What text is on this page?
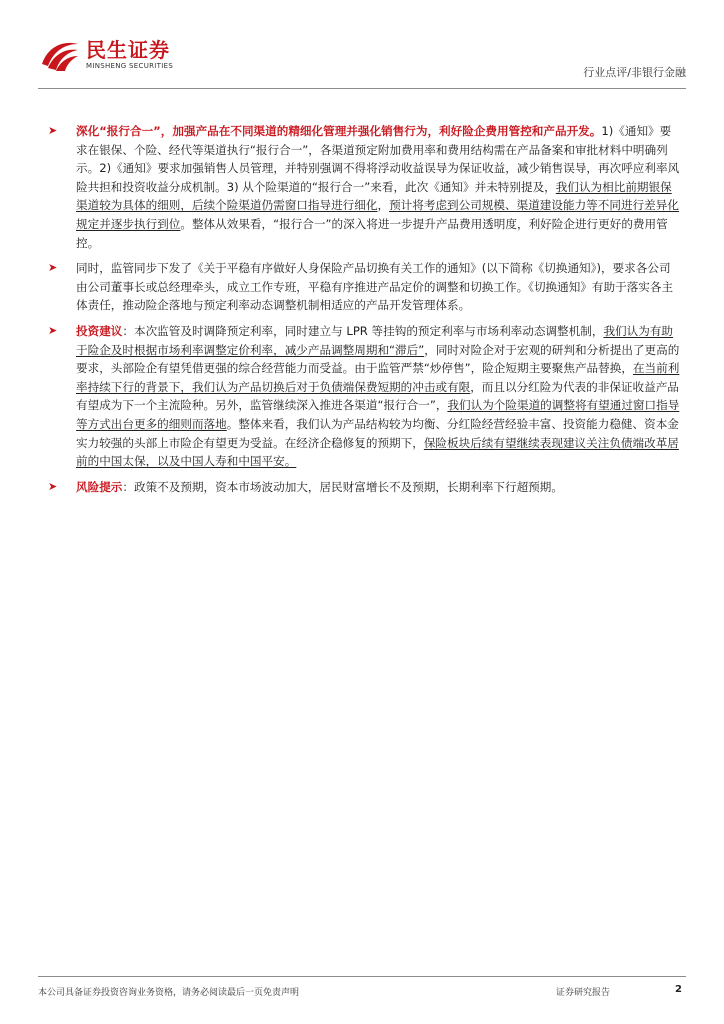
民生证券
MINSHENG SECURITIES	行业点评/非银行金融
➤ 深化“报行合一”，加强产品在不同渠道的精细化管理并强化销售行为，利好险企费用管控和产品开发。1)《通知》要求在银保、个险、经代等渠道执行“报行合一”，各渠道预定附加费用率和费用结构需在产品备案和审批材料中明确列示。2)《通知》要求加强销售人员管理，并特别强调不得将浮动收益误导为保证收益，减少销售误导，再次呼应利率风险共担和投资收益分成机制。3) 从个险渠道的“报行合一”来看，此次《通知》并未特别提及，我们认为相比前期银保渠道较为具体的细则，后续个险渠道仍需窗口指导进行细化，预计将考虑到公司规模、渠道建设能力等不同进行差异化规定并逐步执行到位。整体从效果看，“报行合一”的深入将进一步提升产品费用透明度，利好险企进行更好的费用管控。
➤ 同时，监管同步下发了《关于平稳有序做好人身保险产品切换有关工作的通知》(以下简称《切换通知》)，要求各公司由公司董事长或总经理牵头，成立工作专班，平稳有序推进产品定价的调整和切换工作。《切换通知》有助于落实各主体责任，推动险企落地与预定利率动态调整机制相适应的产品开发管理体系。
➤ 投资建议：本次监管及时调降预定利率，同时建立与 LPR 等挂钩的预定利率与市场利率动态调整机制，我们认为有助于险企及时根据市场利率调整定价利率，减少产品调整周期和“滞后”，同时对险企对于宏观的研判和分析提出了更高的要求，头部险企有望凭借更强的综合经营能力而受益。由于监管严禁“炒停售”，险企短期主要聚焦产品替换，在当前利率持续下行的背景下，我们认为产品切换后对于负债端保费短期的冲击或有限，而且以分红险为代表的非保证收益产品有望成为下一个主流险种。另外，监管继续深入推进各渠道“报行合一”，我们认为个险渠道的调整将有望通过窗口指导等方式出台更多的细则而落地。整体来看，我们认为产品结构较为均衡、分红险经营经验丰富、投资能力稳健、资本金实力较强的头部上市险企有望更为受益。在经济企稳修复的预期下，保险板块后续有望继续表现建议关注负债端改革居前的中国太保，以及中国人寿和中国平安。
➤ 风险提示：政策不及预期，资本市场波动加大，居民财富增长不及预期，长期利率下行超预期。
本公司具备证券投资咨询业务资格，请务必阅读最后一页免责声明	证券研究报告	2
